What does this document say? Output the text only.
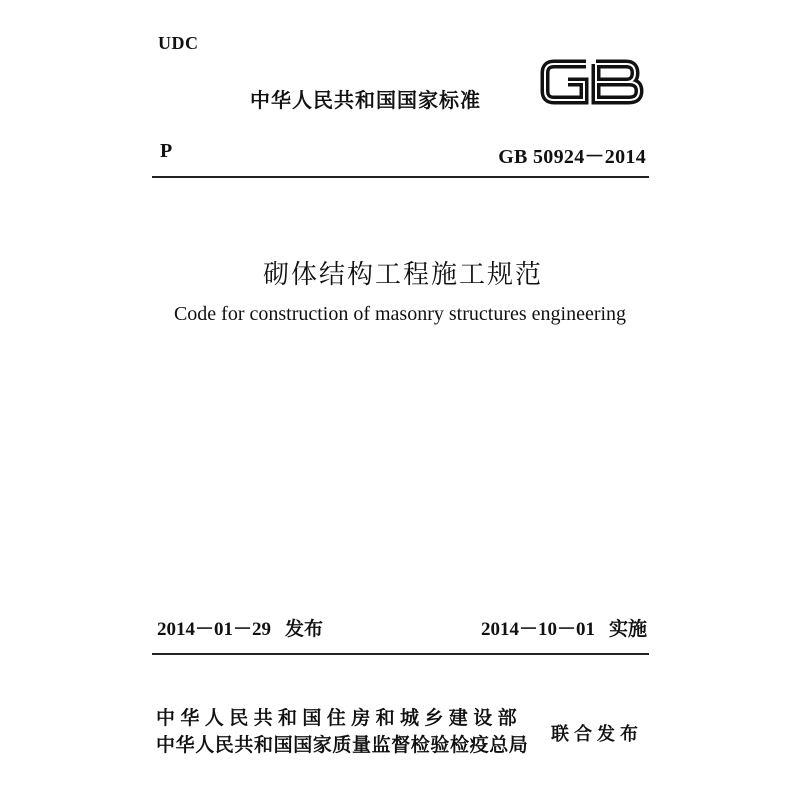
UDC
中华人民共和国国家标准
P	GB 50924－2014
砌体结构工程施工规范
Code for construction of masonry structures engineering
2014－01－29 发布	2014－10－01 实施
中华人民共和国住房和城乡建设部
中华人民共和国国家质量监督检验检疫总局 联合发布
